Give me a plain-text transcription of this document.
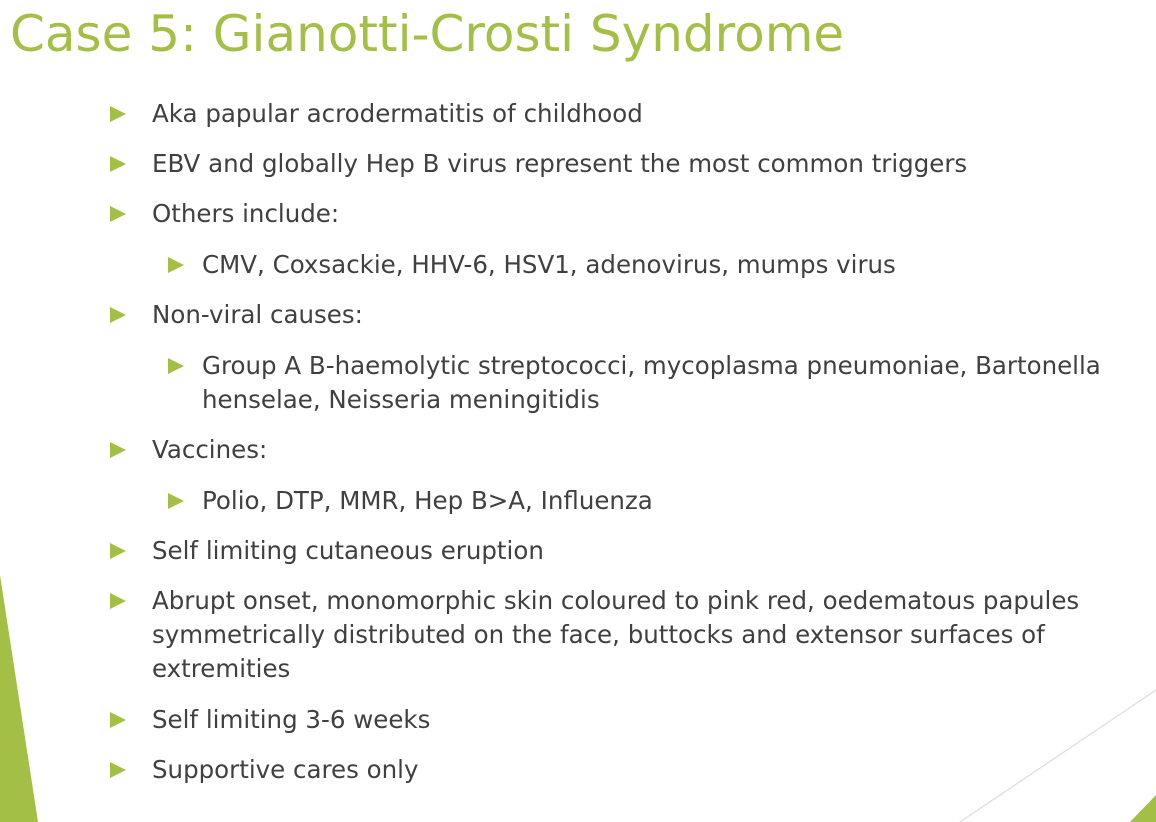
Case 5: Gianotti-Crosti Syndrome
Aka papular acrodermatitis of childhood
EBV and globally Hep B virus represent the most common triggers
Others include:
CMV, Coxsackie, HHV-6, HSV1, adenovirus, mumps virus
Non-viral causes:
Group A B-haemolytic streptococci, mycoplasma pneumoniae, Bartonella
henselae, Neisseria meningitidis
Vaccines:
Polio, DTP, MMR, Hep B>A, Influenza
Self limiting cutaneous eruption
Abrupt onset, monomorphic skin coloured to pink red, oedematous papules
symmetrically distributed on the face, buttocks and extensor surfaces of
extremities
Self limiting 3-6 weeks
Supportive cares only
